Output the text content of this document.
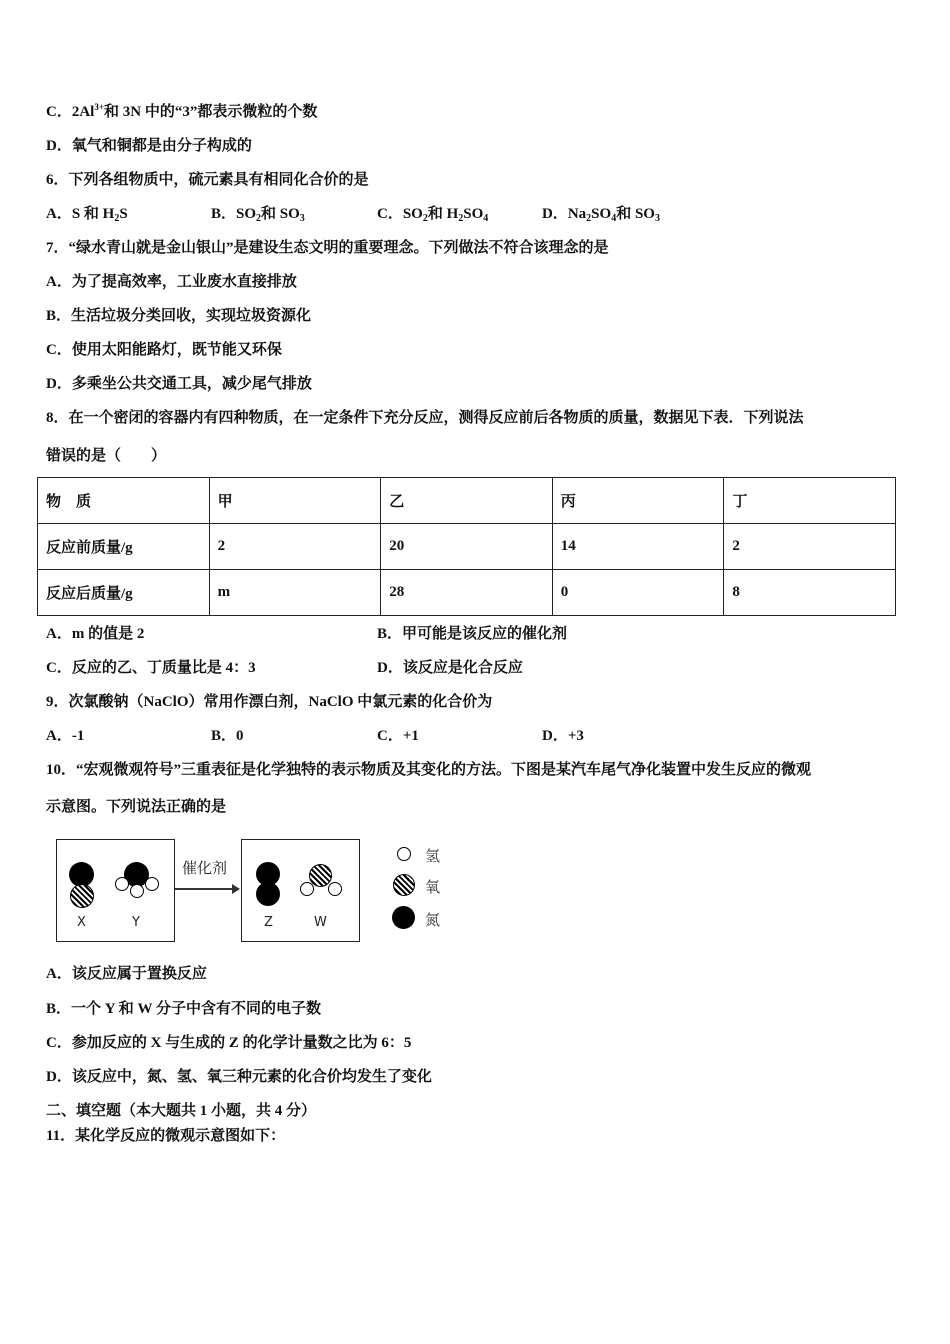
C．$2Al^{3+}$和 3N 中的“3”都表示微粒的个数
D．氧气和铜都是由分子构成的
6．下列各组物质中，硫元素具有相同化合价的是
A．S 和 $H_2S$	B．$SO_2$和 $SO_3$	C．$SO_2$和 $H_2SO_4$	D．$Na_2SO_4$和 $SO_3$
7．“绿水青山就是金山银山”是建设生态文明的重要理念。下列做法不符合该理念的是
A．为了提高效率，工业废水直接排放
B．生活垃圾分类回收，实现垃圾资源化
C．使用太阳能路灯，既节能又环保
D．多乘坐公共交通工具，减少尾气排放
8．在一个密闭的容器内有四种物质，在一定条件下充分反应，测得反应前后各物质的质量，数据见下表．下列说法
错误的是（　　）
物　质	甲	乙	丙	丁
反应前质量/g	2	20	14	2
反应后质量/g	m	28	0	8
A．m 的值是 2	B．甲可能是该反应的催化剂
C．反应的乙、丁质量比是 4：3	D．该反应是化合反应
9．次氯酸钠（NaClO）常用作漂白剂，NaClO 中氯元素的化合价为
A．-1	B．0	C．+1	D．+3
10．“宏观微观符号”三重表征是化学独特的表示物质及其变化的方法。下图是某汽车尾气净化装置中发生反应的微观
示意图。下列说法正确的是
X	Y
催化剂
Z	W
氢
氧
氮
A．该反应属于置换反应
B．一个 Y 和 W 分子中含有不同的电子数
C．参加反应的 X 与生成的 Z 的化学计量数之比为 6：5
D．该反应中，氮、氢、氧三种元素的化合价均发生了变化
二、填空题（本大题共 1 小题，共 4 分）
11．某化学反应的微观示意图如下：
